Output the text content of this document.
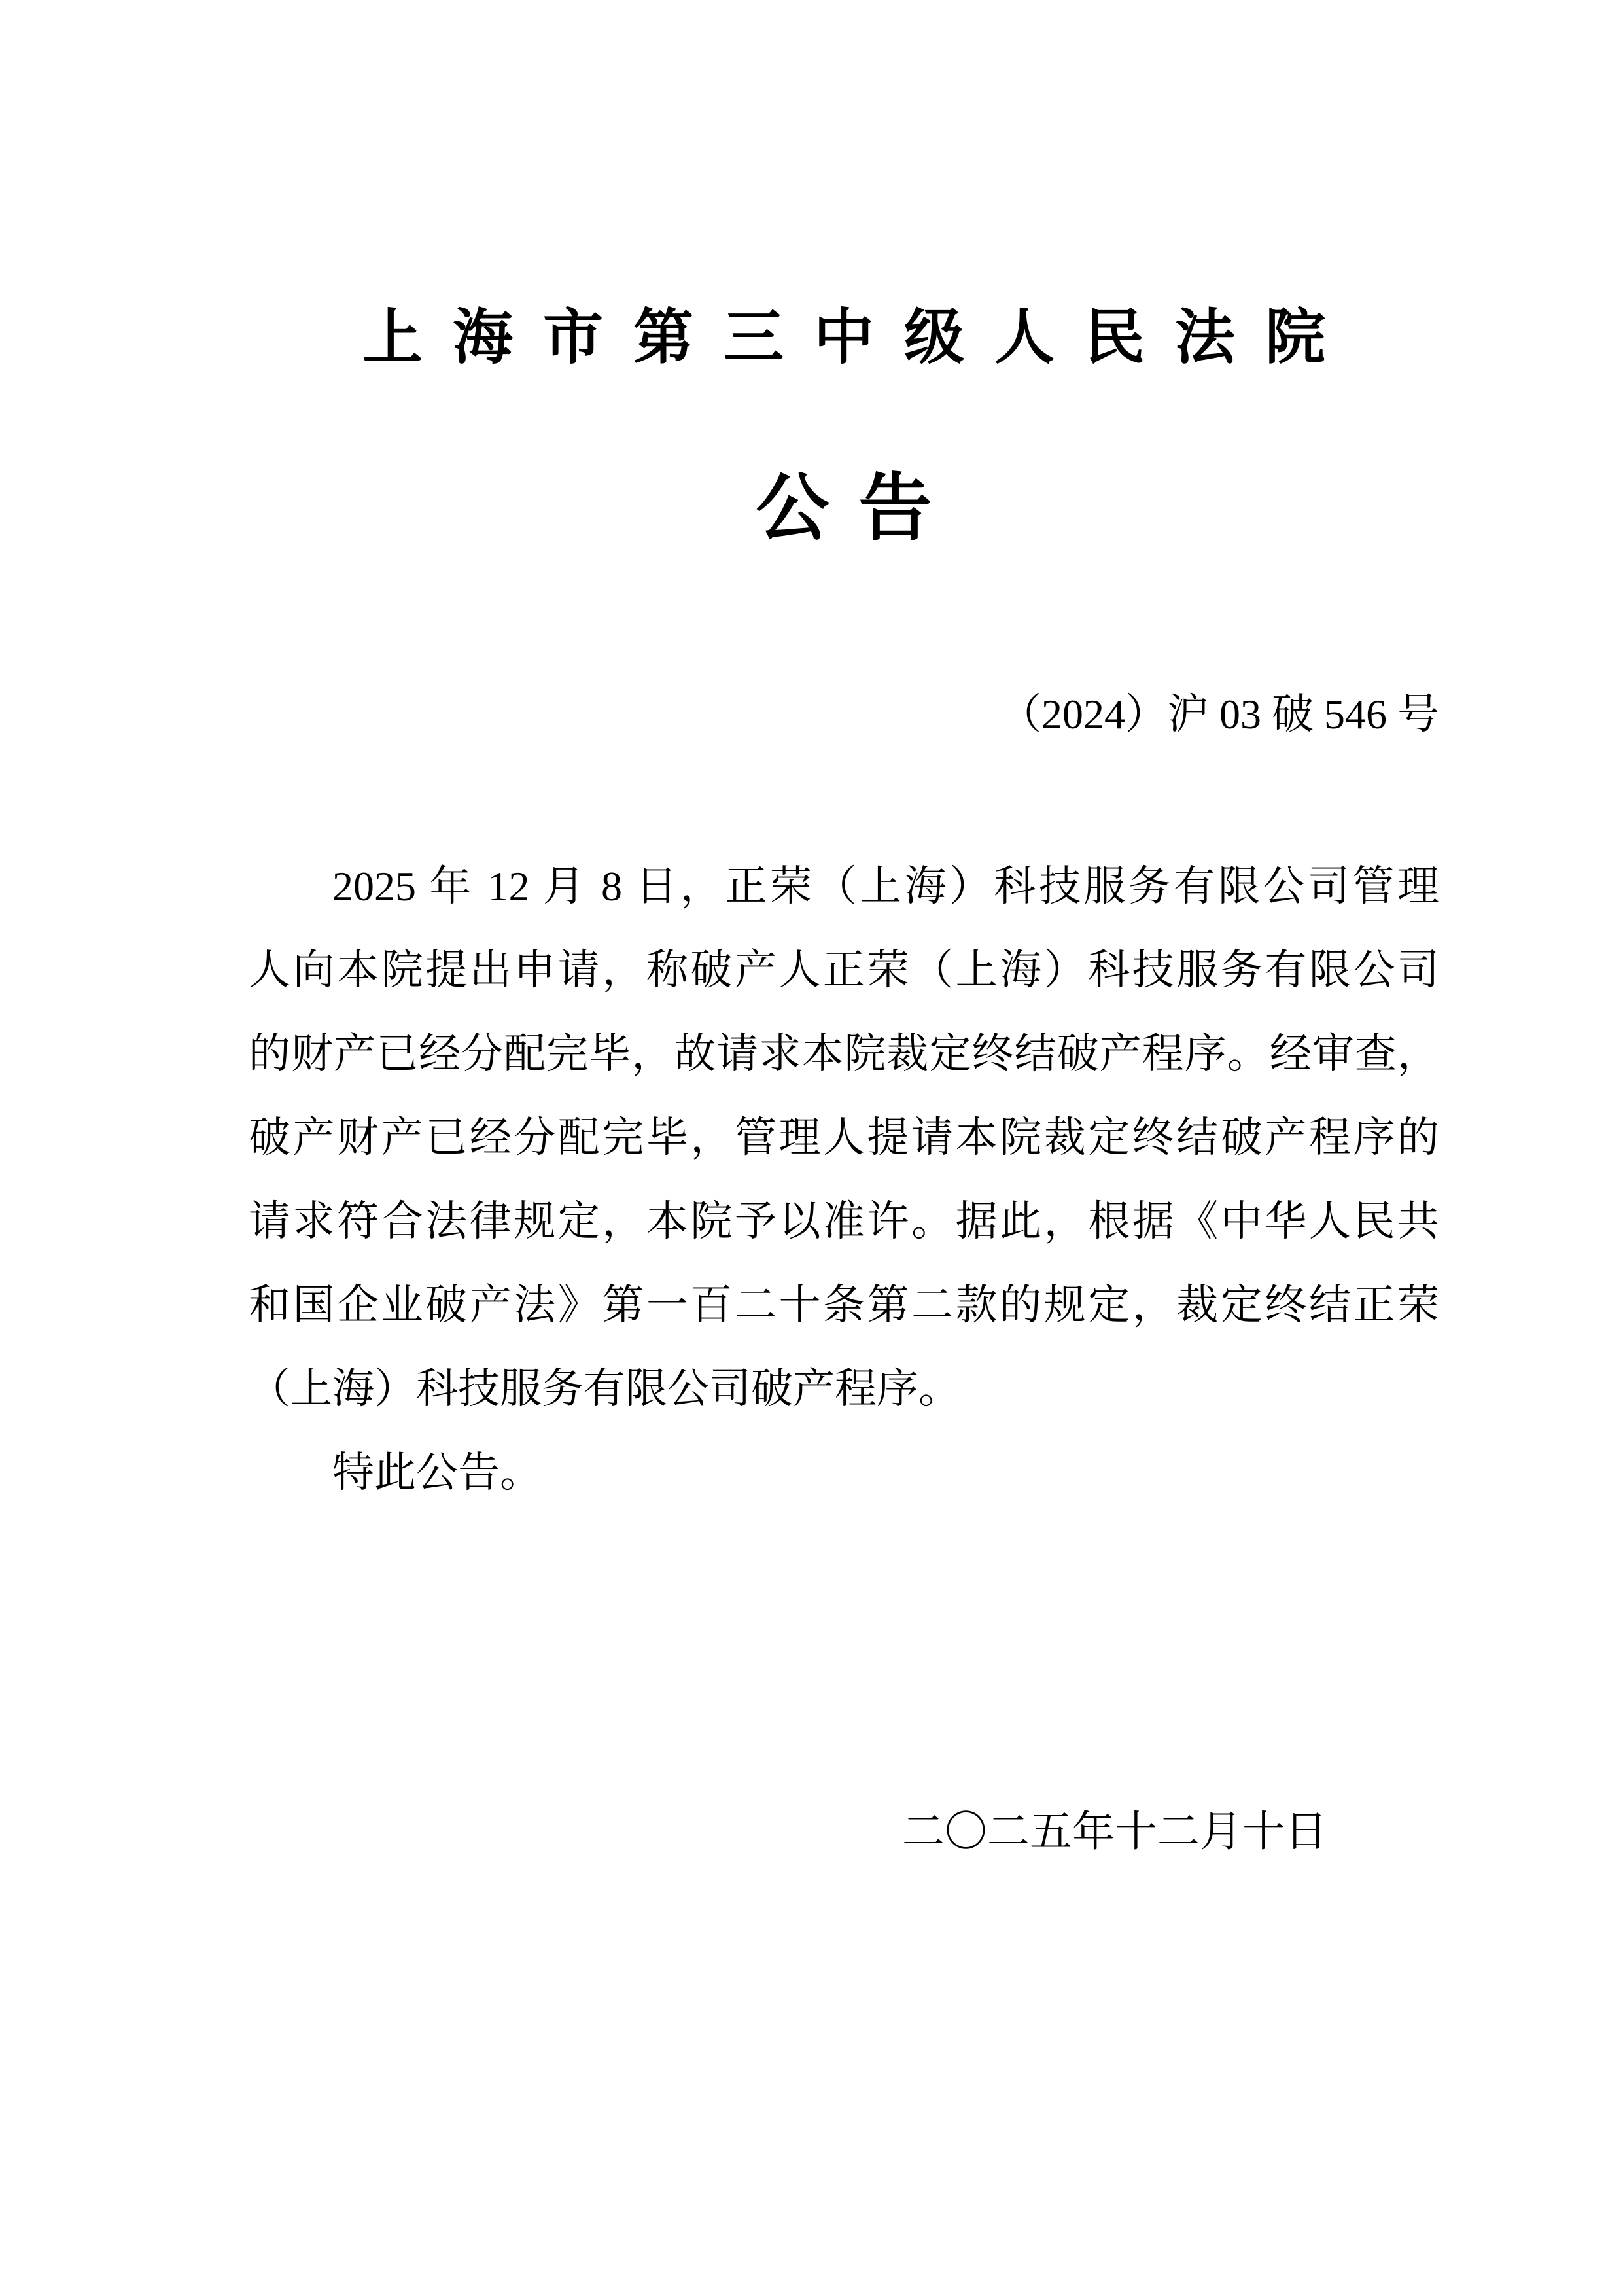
上海市第三中级人民法院
公告
（2024）沪 03 破 546 号
2025 年 12 月 8 日，正荣（上海）科技服务有限公司管理
人向本院提出申请，称破产人正荣（上海）科技服务有限公司
的财产已经分配完毕，故请求本院裁定终结破产程序。经审查，
破产财产已经分配完毕，管理人提请本院裁定终结破产程序的
请求符合法律规定，本院予以准许。据此，根据《中华人民共
和国企业破产法》第一百二十条第二款的规定，裁定终结正荣
（上海）科技服务有限公司破产程序。
特此公告。
二〇二五年十二月十日
